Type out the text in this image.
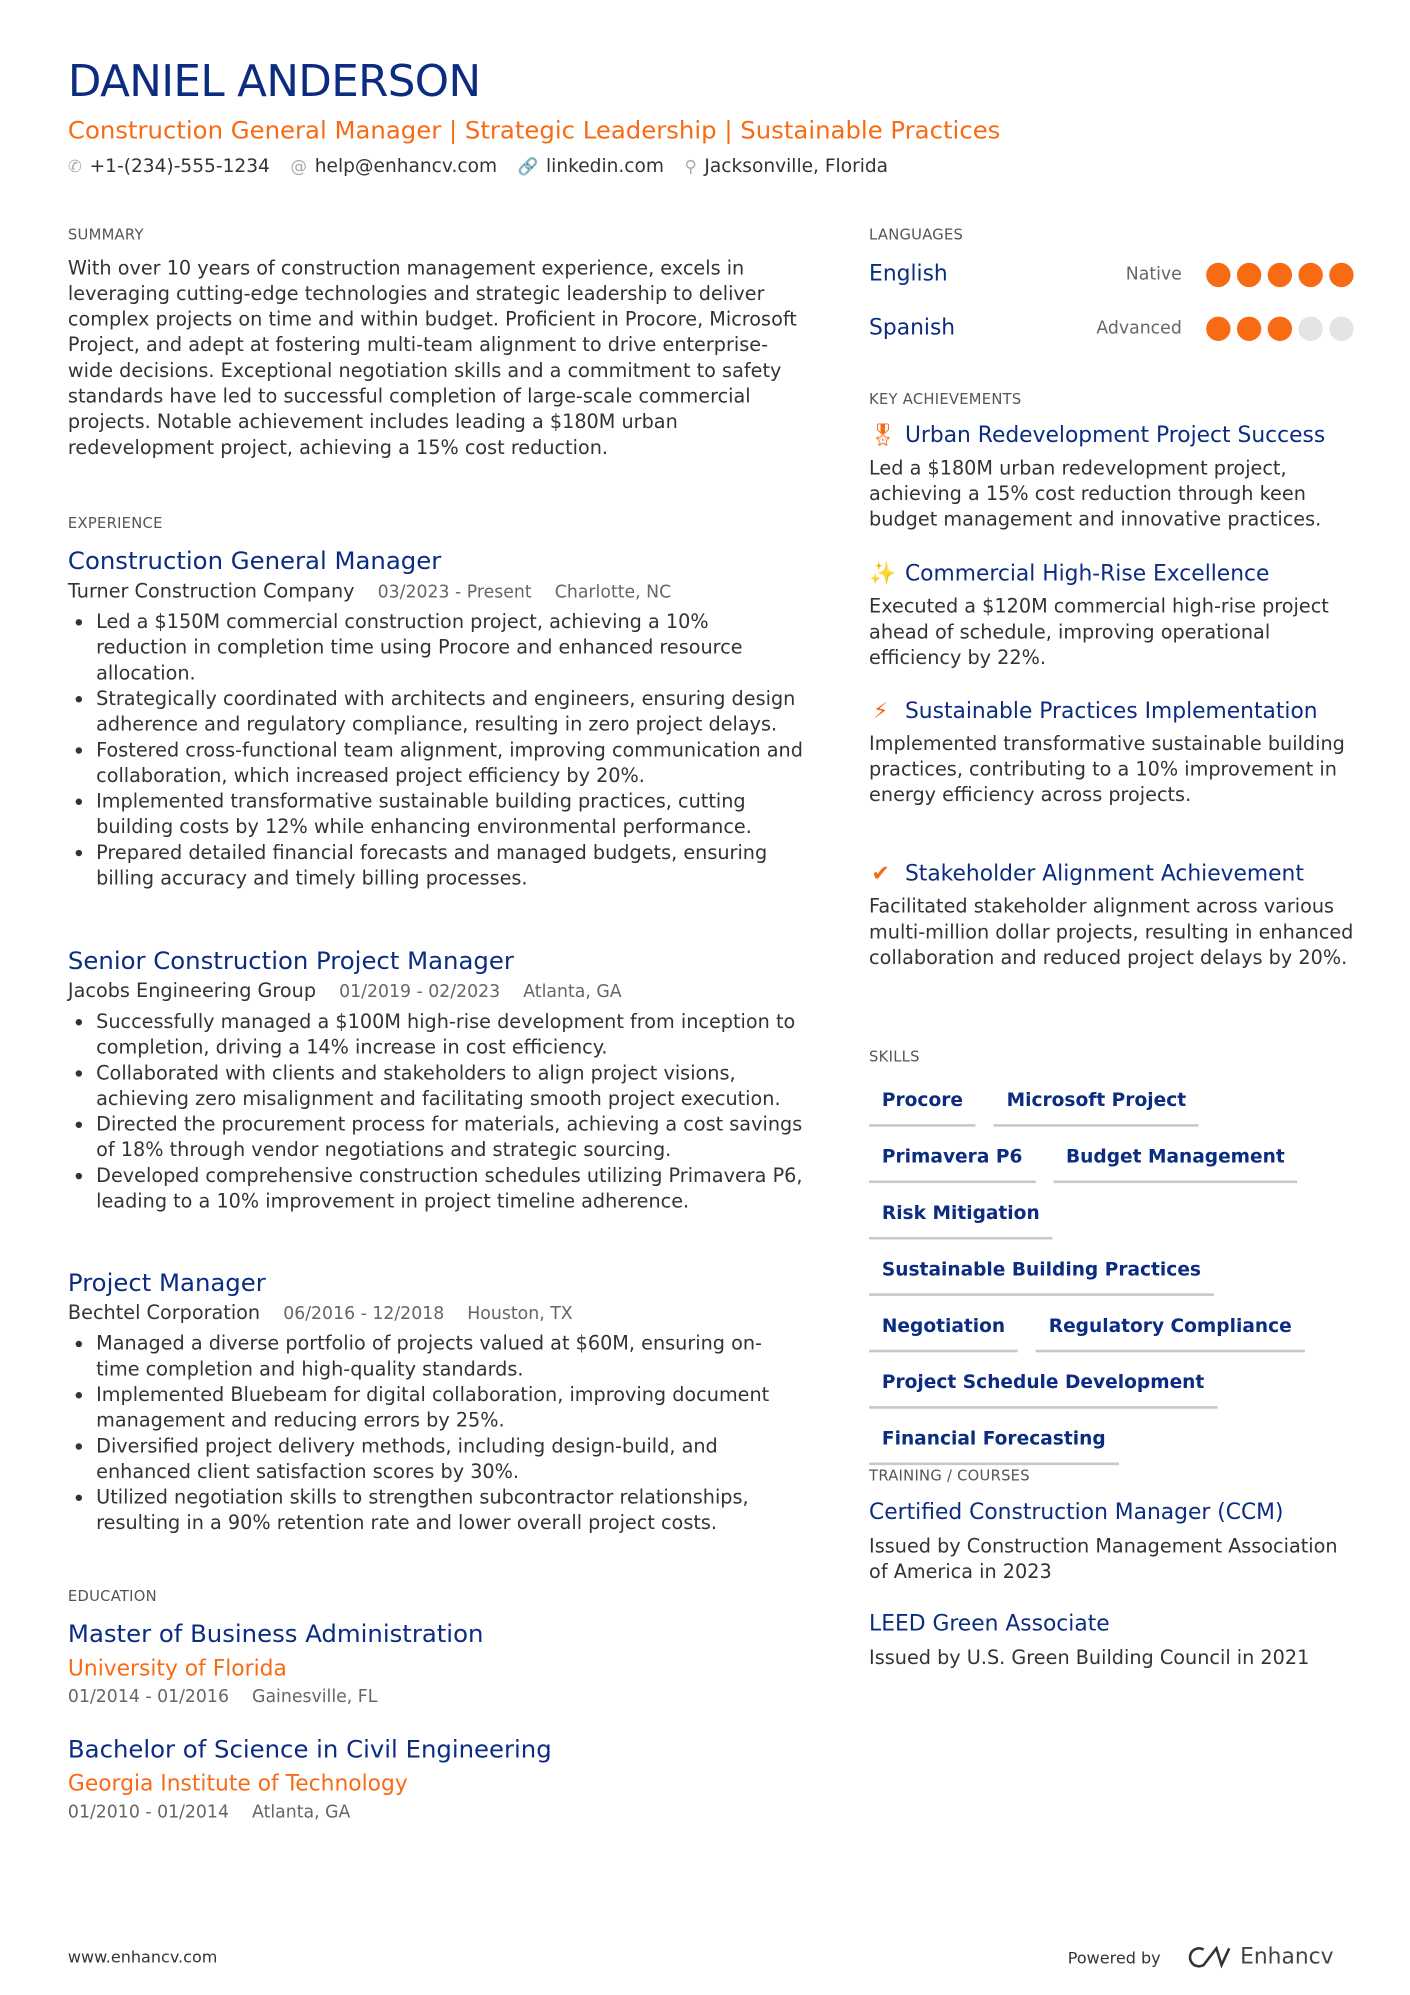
DANIEL ANDERSON
Construction General Manager | Strategic Leadership | Sustainable Practices
✆ +1-(234)-555-1234 @ help@enhancv.com 🔗 linkedin.com ⚲ Jacksonville, Florida
SUMMARY
With over 10 years of construction management experience, excels in leveraging cutting-edge technologies and strategic leadership to deliver complex projects on time and within budget. Proficient in Procore, Microsoft Project, and adept at fostering multi-team alignment to drive enterprise-wide decisions. Exceptional negotiation skills and a commitment to safety standards have led to successful completion of large-scale commercial projects. Notable achievement includes leading a $180M urban redevelopment project, achieving a 15% cost reduction.
EXPERIENCE
Construction General Manager
Turner Construction Company 03/2023 - Present Charlotte, NC
• Led a $150M commercial construction project, achieving a 10% reduction in completion time using Procore and enhanced resource allocation.
• Strategically coordinated with architects and engineers, ensuring design adherence and regulatory compliance, resulting in zero project delays.
• Fostered cross-functional team alignment, improving communication and collaboration, which increased project efficiency by 20%.
• Implemented transformative sustainable building practices, cutting building costs by 12% while enhancing environmental performance.
• Prepared detailed financial forecasts and managed budgets, ensuring billing accuracy and timely billing processes.
Senior Construction Project Manager
Jacobs Engineering Group 01/2019 - 02/2023 Atlanta, GA
• Successfully managed a $100M high-rise development from inception to completion, driving a 14% increase in cost efficiency.
• Collaborated with clients and stakeholders to align project visions, achieving zero misalignment and facilitating smooth project execution.
• Directed the procurement process for materials, achieving a cost savings of 18% through vendor negotiations and strategic sourcing.
• Developed comprehensive construction schedules utilizing Primavera P6, leading to a 10% improvement in project timeline adherence.
Project Manager
Bechtel Corporation 06/2016 - 12/2018 Houston, TX
• Managed a diverse portfolio of projects valued at $60M, ensuring on-time completion and high-quality standards.
• Implemented Bluebeam for digital collaboration, improving document management and reducing errors by 25%.
• Diversified project delivery methods, including design-build, and enhanced client satisfaction scores by 30%.
• Utilized negotiation skills to strengthen subcontractor relationships, resulting in a 90% retention rate and lower overall project costs.
EDUCATION
Master of Business Administration
University of Florida
01/2014 - 01/2016 Gainesville, FL
Bachelor of Science in Civil Engineering
Georgia Institute of Technology
01/2010 - 01/2014 Atlanta, GA
LANGUAGES
English	Native
Spanish	Advanced
KEY ACHIEVEMENTS
🎖 Urban Redevelopment Project Success
Led a $180M urban redevelopment project, achieving a 15% cost reduction through keen budget management and innovative practices.
✨ Commercial High-Rise Excellence
Executed a $120M commercial high-rise project ahead of schedule, improving operational efficiency by 22%.
⚡ Sustainable Practices Implementation
Implemented transformative sustainable building practices, contributing to a 10% improvement in energy efficiency across projects.
✔ Stakeholder Alignment Achievement
Facilitated stakeholder alignment across various multi-million dollar projects, resulting in enhanced collaboration and reduced project delays by 20%.
SKILLS
Procore	Microsoft Project
Primavera P6	Budget Management
Risk Mitigation
Sustainable Building Practices
Negotiation	Regulatory Compliance
Project Schedule Development
Financial Forecasting
TRAINING / COURSES
Certified Construction Manager (CCM)
Issued by Construction Management Association of America in 2023
LEED Green Associate
Issued by U.S. Green Building Council in 2021
www.enhancv.com	Powered by	Enhancv
